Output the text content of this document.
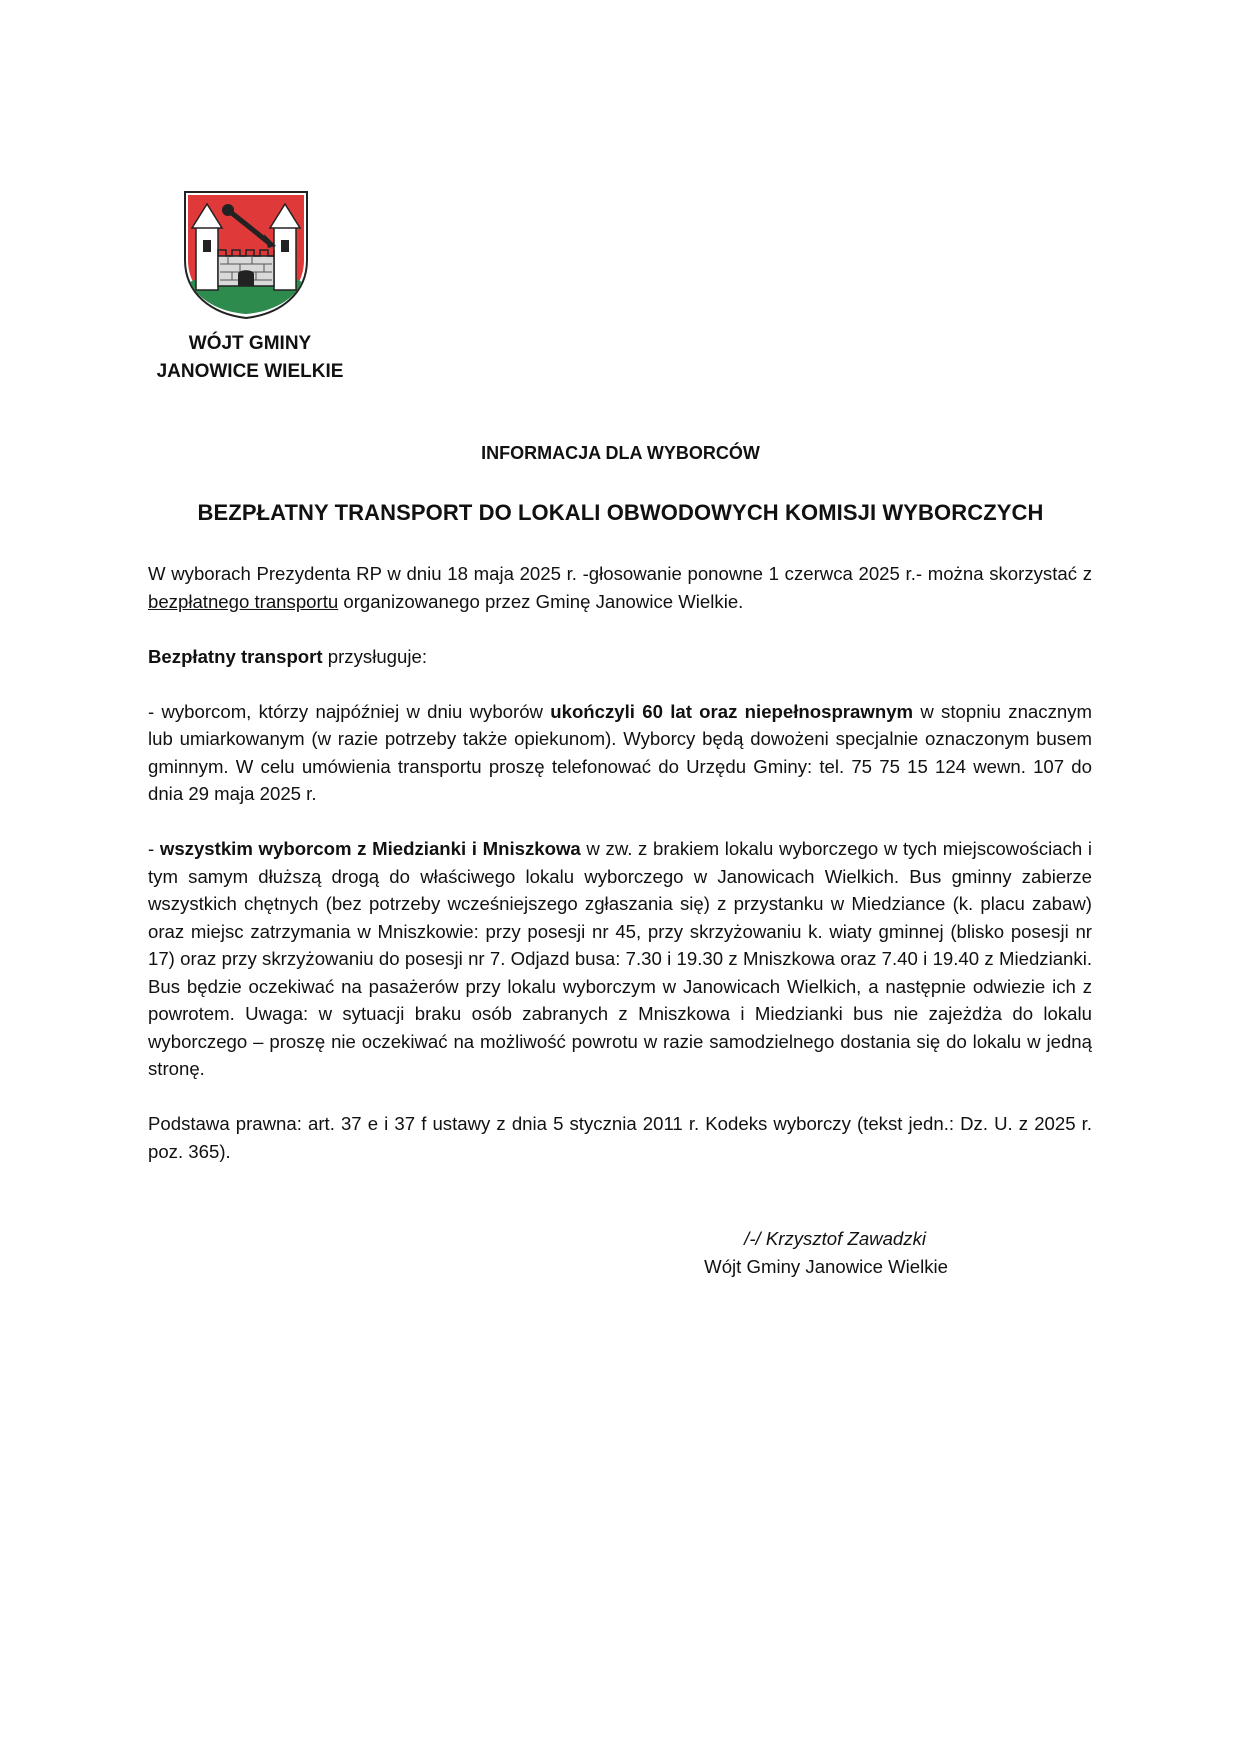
WÓJT GMINY
JANOWICE WIELKIE
INFORMACJA DLA WYBORCÓW
BEZPŁATNY TRANSPORT DO LOKALI OBWODOWYCH KOMISJI WYBORCZYCH

W wyborach Prezydenta RP w dniu 18 maja 2025 r. -głosowanie ponowne 1 czerwca 2025 r.- można skorzystać z bezpłatnego transportu organizowanego przez Gminę Janowice Wielkie.

Bezpłatny transport przysługuje:

- wyborcom, którzy najpóźniej w dniu wyborów ukończyli 60 lat oraz niepełnosprawnym w stopniu znacznym lub umiarkowanym (w razie potrzeby także opiekunom). Wyborcy będą dowożeni specjalnie oznaczonym busem gminnym. W celu umówienia transportu proszę telefonować do Urzędu Gminy: tel. 75 75 15 124 wewn. 107 do dnia 29 maja 2025 r.

- wszystkim wyborcom z Miedzianki i Mniszkowa w zw. z brakiem lokalu wyborczego w tych miejscowościach i tym samym dłuższą drogą do właściwego lokalu wyborczego w Janowicach Wielkich. Bus gminny zabierze wszystkich chętnych (bez potrzeby wcześniejszego zgłaszania się) z przystanku w Miedziance (k. placu zabaw) oraz miejsc zatrzymania w Mniszkowie: przy posesji nr 45, przy skrzyżowaniu k. wiaty gminnej (blisko posesji nr 17) oraz przy skrzyżowaniu do posesji nr 7. Odjazd busa: 7.30 i 19.30 z Mniszkowa oraz 7.40 i 19.40 z Miedzianki. Bus będzie oczekiwać na pasażerów przy lokalu wyborczym w Janowicach Wielkich, a następnie odwiezie ich z powrotem. Uwaga: w sytuacji braku osób zabranych z Mniszkowa i Miedzianki bus nie zajeżdża do lokalu wyborczego – proszę nie oczekiwać na możliwość powrotu w razie samodzielnego dostania się do lokalu w jedną stronę.

Podstawa prawna: art. 37 e i 37 f ustawy z dnia 5 stycznia 2011 r. Kodeks wyborczy (tekst jedn.: Dz. U. z 2025 r. poz. 365).

/-/ Krzysztof Zawadzki
Wójt Gminy Janowice Wielkie
